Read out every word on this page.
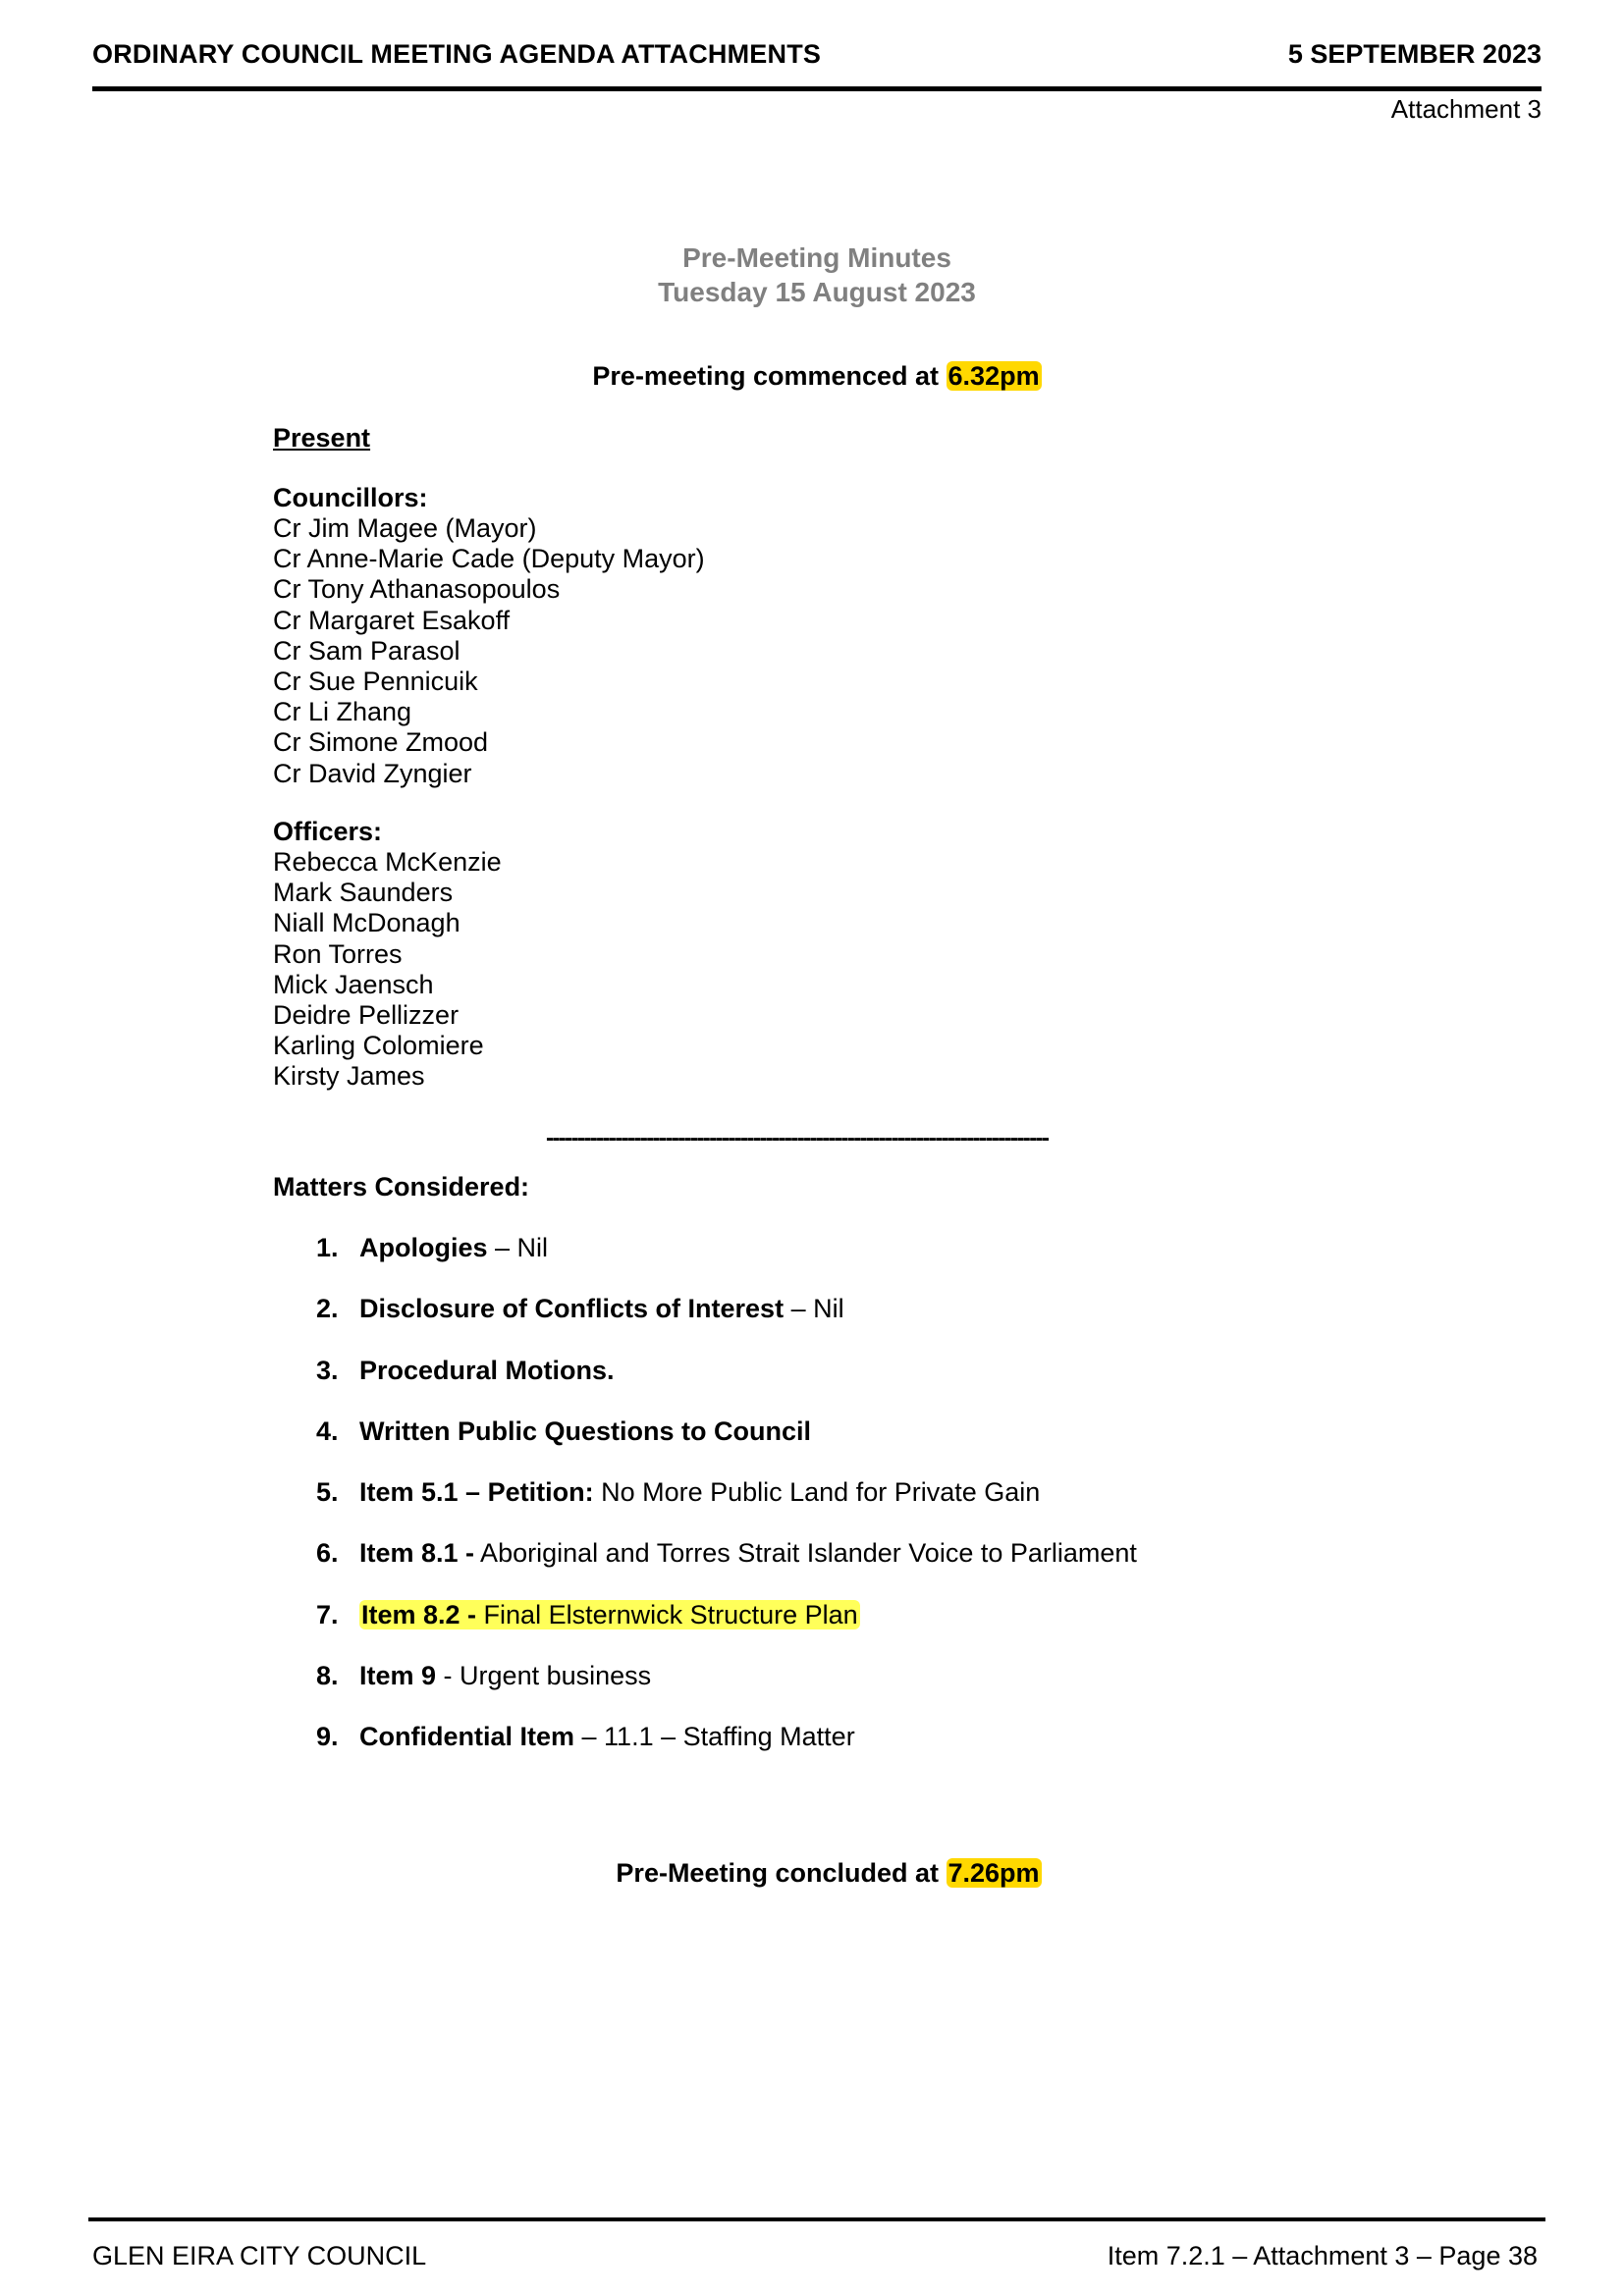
ORDINARY COUNCIL MEETING AGENDA ATTACHMENTS	5 SEPTEMBER 2023
Attachment 3
Pre-Meeting Minutes
Tuesday 15 August 2023
Pre-meeting commenced at 6.32pm
Present
Councillors:
Cr Jim Magee (Mayor)
Cr Anne-Marie Cade (Deputy Mayor)
Cr Tony Athanasopoulos
Cr Margaret Esakoff
Cr Sam Parasol
Cr Sue Pennicuik
Cr Li Zhang
Cr Simone Zmood
Cr David Zyngier
Officers:
Rebecca McKenzie
Mark Saunders
Niall McDonagh
Ron Torres
Mick Jaensch
Deidre Pellizzer
Karling Colomiere
Kirsty James
--------------------------------------------------------------------------------
Matters Considered:
1. Apologies – Nil
2. Disclosure of Conflicts of Interest – Nil
3. Procedural Motions.
4. Written Public Questions to Council
5. Item 5.1 – Petition: No More Public Land for Private Gain
6. Item 8.1 - Aboriginal and Torres Strait Islander Voice to Parliament
7. Item 8.2 - Final Elsternwick Structure Plan
8. Item 9 - Urgent business
9. Confidential Item – 11.1 – Staffing Matter
Pre-Meeting concluded at 7.26pm
GLEN EIRA CITY COUNCIL	Item 7.2.1 – Attachment 3 – Page 38
